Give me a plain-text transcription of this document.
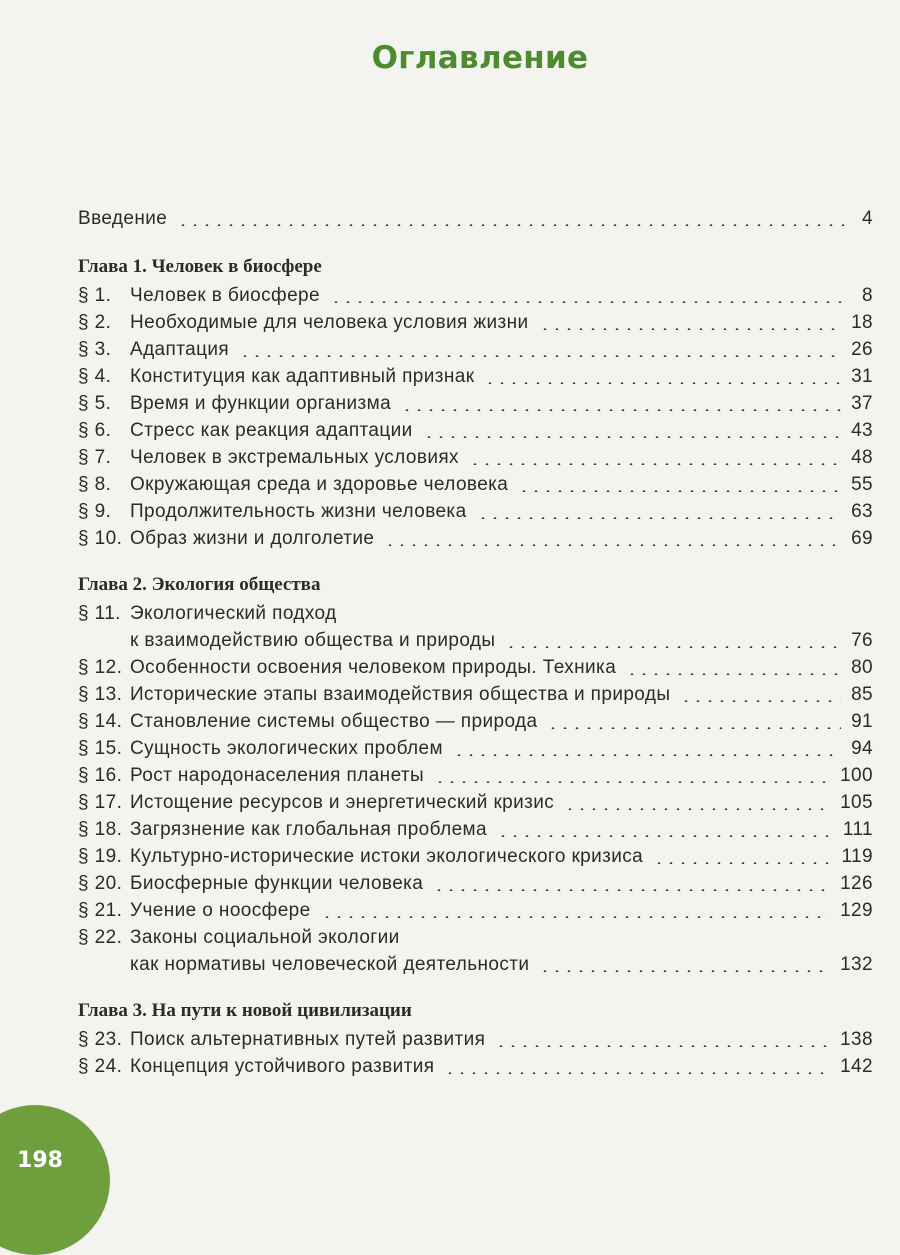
Оглавление
Введение	4
Глава 1. Человек в биосфере
§ 1. Человек в биосфере	8
§ 2. Необходимые для человека условия жизни	18
§ 3. Адаптация	26
§ 4. Конституция как адаптивный признак	31
§ 5. Время и функции организма	37
§ 6. Стресс как реакция адаптации	43
§ 7. Человек в экстремальных условиях	48
§ 8. Окружающая среда и здоровье человека	55
§ 9. Продолжительность жизни человека	63
§ 10. Образ жизни и долголетие	69
Глава 2. Экология общества
§ 11. Экологический подход
к взаимодействию общества и природы	76
§ 12. Особенности освоения человеком природы. Техника	80
§ 13. Исторические этапы взаимодействия общества и природы	85
§ 14. Становление системы общество — природа	91
§ 15. Сущность экологических проблем	94
§ 16. Рост народонаселения планеты	100
§ 17. Истощение ресурсов и энергетический кризис	105
§ 18. Загрязнение как глобальная проблема	111
§ 19. Культурно-исторические истоки экологического кризиса	119
§ 20. Биосферные функции человека	126
§ 21. Учение о ноосфере	129
§ 22. Законы социальной экологии
как нормативы человеческой деятельности	132
Глава 3. На пути к новой цивилизации
§ 23. Поиск альтернативных путей развития	138
§ 24. Концепция устойчивого развития	142
198
